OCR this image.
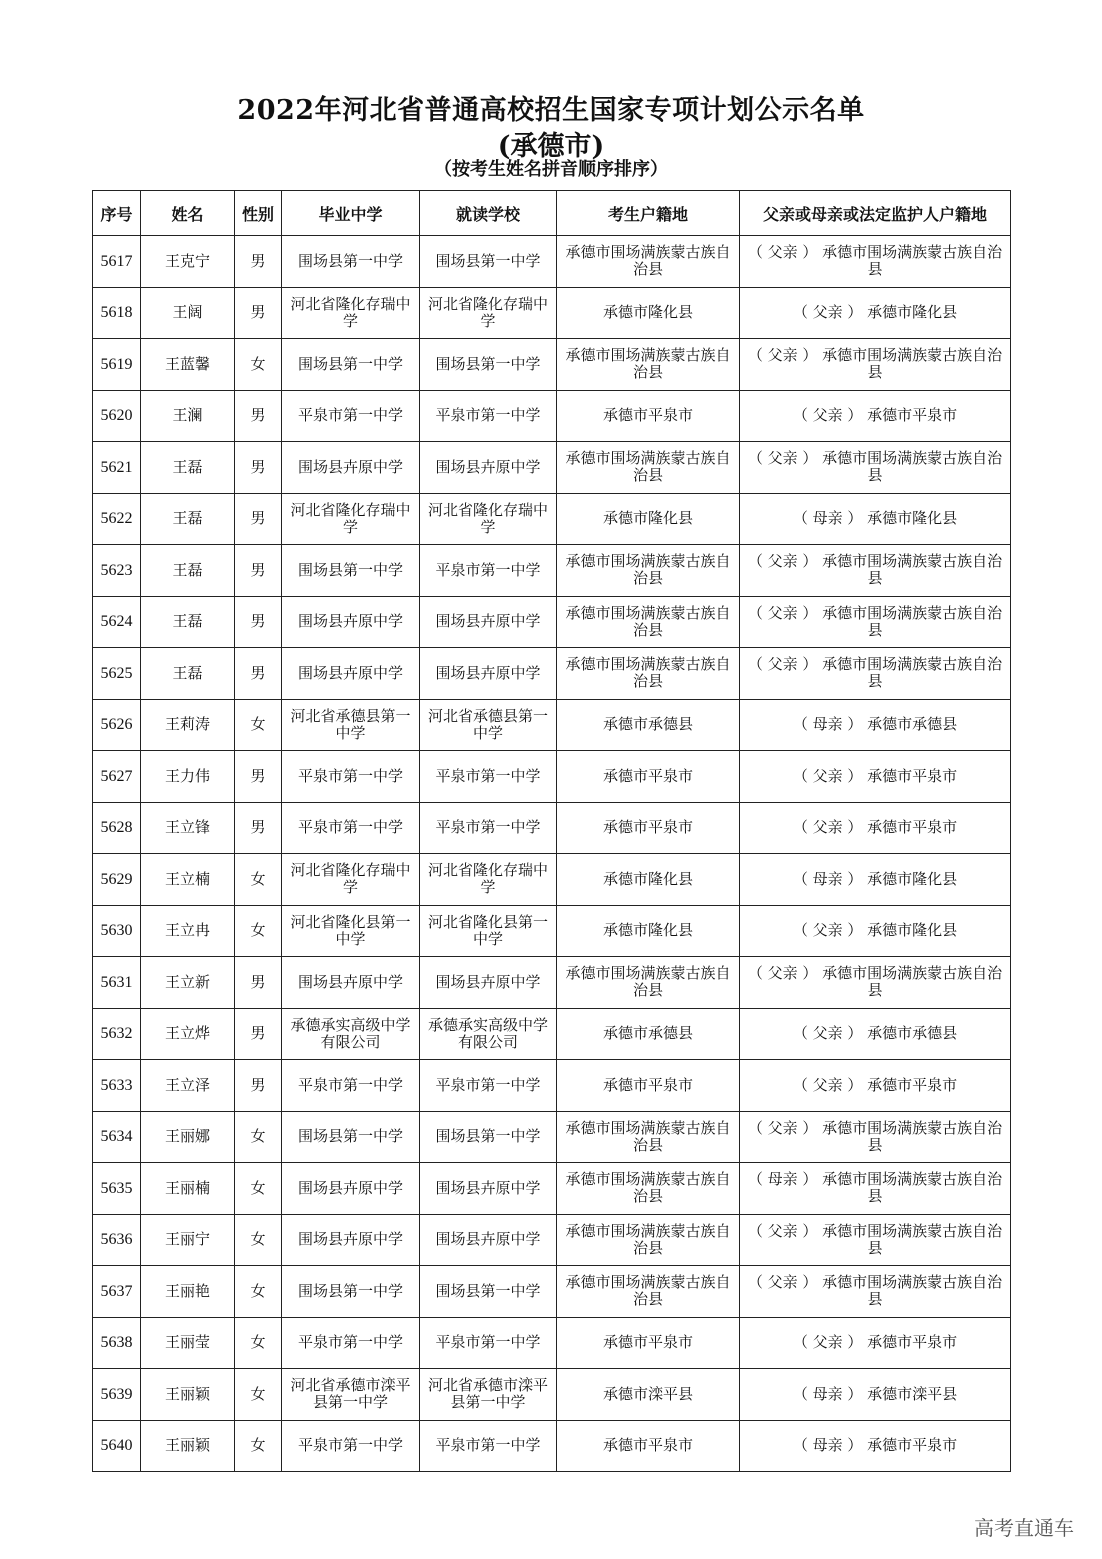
2022年河北省普通高校招生国家专项计划公示名单
(承德市)
（按考生姓名拼音顺序排序）
序号	姓名	性别	毕业中学	就读学校	考生户籍地	父亲或母亲或法定监护人户籍地
5617	王克宁	男	围场县第一中学	围场县第一中学	承德市围场满族蒙古族自治县	（ 父亲 ） 承德市围场满族蒙古族自治县
5618	王阔	男	河北省隆化存瑞中学	河北省隆化存瑞中学	承德市隆化县	（ 父亲 ） 承德市隆化县
5619	王蓝馨	女	围场县第一中学	围场县第一中学	承德市围场满族蒙古族自治县	（ 父亲 ） 承德市围场满族蒙古族自治县
5620	王澜	男	平泉市第一中学	平泉市第一中学	承德市平泉市	（ 父亲 ） 承德市平泉市
5621	王磊	男	围场县卉原中学	围场县卉原中学	承德市围场满族蒙古族自治县	（ 父亲 ） 承德市围场满族蒙古族自治县
5622	王磊	男	河北省隆化存瑞中学	河北省隆化存瑞中学	承德市隆化县	（ 母亲 ） 承德市隆化县
5623	王磊	男	围场县第一中学	平泉市第一中学	承德市围场满族蒙古族自治县	（ 父亲 ） 承德市围场满族蒙古族自治县
5624	王磊	男	围场县卉原中学	围场县卉原中学	承德市围场满族蒙古族自治县	（ 父亲 ） 承德市围场满族蒙古族自治县
5625	王磊	男	围场县卉原中学	围场县卉原中学	承德市围场满族蒙古族自治县	（ 父亲 ） 承德市围场满族蒙古族自治县
5626	王莉涛	女	河北省承德县第一中学	河北省承德县第一中学	承德市承德县	（ 母亲 ） 承德市承德县
5627	王力伟	男	平泉市第一中学	平泉市第一中学	承德市平泉市	（ 父亲 ） 承德市平泉市
5628	王立锋	男	平泉市第一中学	平泉市第一中学	承德市平泉市	（ 父亲 ） 承德市平泉市
5629	王立楠	女	河北省隆化存瑞中学	河北省隆化存瑞中学	承德市隆化县	（ 母亲 ） 承德市隆化县
5630	王立冉	女	河北省隆化县第一中学	河北省隆化县第一中学	承德市隆化县	（ 父亲 ） 承德市隆化县
5631	王立新	男	围场县卉原中学	围场县卉原中学	承德市围场满族蒙古族自治县	（ 父亲 ） 承德市围场满族蒙古族自治县
5632	王立烨	男	承德承实高级中学有限公司	承德承实高级中学有限公司	承德市承德县	（ 父亲 ） 承德市承德县
5633	王立泽	男	平泉市第一中学	平泉市第一中学	承德市平泉市	（ 父亲 ） 承德市平泉市
5634	王丽娜	女	围场县第一中学	围场县第一中学	承德市围场满族蒙古族自治县	（ 父亲 ） 承德市围场满族蒙古族自治县
5635	王丽楠	女	围场县卉原中学	围场县卉原中学	承德市围场满族蒙古族自治县	（ 母亲 ） 承德市围场满族蒙古族自治县
5636	王丽宁	女	围场县卉原中学	围场县卉原中学	承德市围场满族蒙古族自治县	（ 父亲 ） 承德市围场满族蒙古族自治县
5637	王丽艳	女	围场县第一中学	围场县第一中学	承德市围场满族蒙古族自治县	（ 父亲 ） 承德市围场满族蒙古族自治县
5638	王丽莹	女	平泉市第一中学	平泉市第一中学	承德市平泉市	（ 父亲 ） 承德市平泉市
5639	王丽颖	女	河北省承德市滦平县第一中学	河北省承德市滦平县第一中学	承德市滦平县	（ 母亲 ） 承德市滦平县
5640	王丽颖	女	平泉市第一中学	平泉市第一中学	承德市平泉市	（ 母亲 ） 承德市平泉市
高考直通车
